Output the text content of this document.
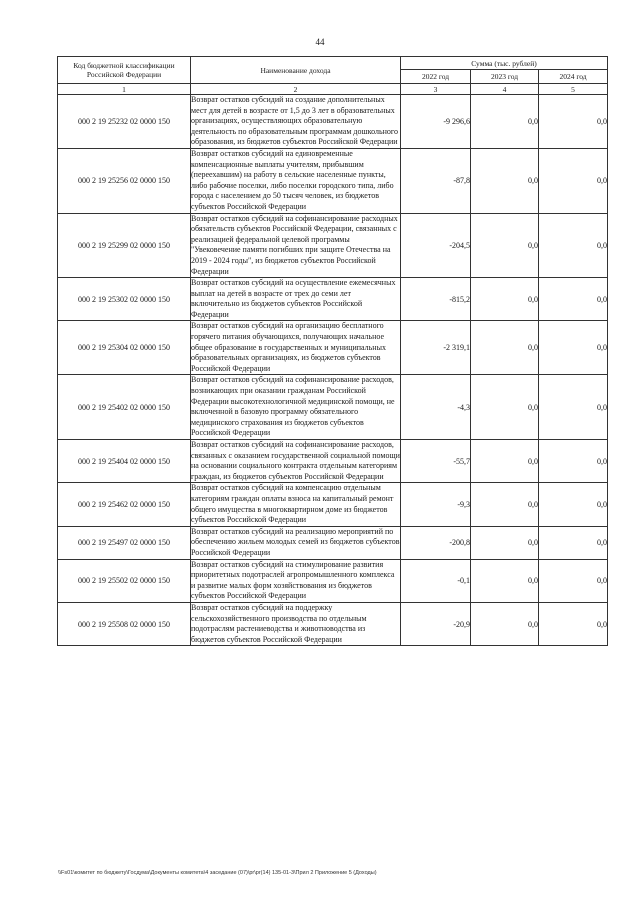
44
Код бюджетной классификации Российской Федерации	Наименование дохода	Сумма (тыс. рублей)		
		2022 год	2023 год	2024 год
1	2	3	4	5
000 2 19 25232 02 0000 150	Возврат остатков субсидий на создание дополнительных мест для детей в возрасте от 1,5 до 3 лет в образовательных организациях, осуществляющих образовательную деятельность по образовательным программам дошкольного образования, из бюджетов субъектов Российской Федерации	-9 296,6	0,0	0,0
000 2 19 25256 02 0000 150	Возврат остатков субсидий на единовременные компенсационные выплаты учителям, прибывшим (переехавшим) на работу в сельские населенные пункты, либо рабочие поселки, либо поселки городского типа, либо города с населением до 50 тысяч человек, из бюджетов субъектов Российской Федерации	-87,8	0,0	0,0
000 2 19 25299 02 0000 150	Возврат остатков субсидий на софинансирование расходных обязательств субъектов Российской Федерации, связанных с реализацией федеральной целевой программы "Увековечение памяти погибших при защите Отечества на 2019 - 2024 годы", из бюджетов субъектов Российской Федерации	-204,5	0,0	0,0
000 2 19 25302 02 0000 150	Возврат остатков субсидий на осуществление ежемесячных выплат на детей в возрасте от трех до семи лет включительно из бюджетов субъектов Российской Федерации	-815,2	0,0	0,0
000 2 19 25304 02 0000 150	Возврат остатков субсидий на организацию бесплатного горячего питания обучающихся, получающих начальное общее образование в государственных и муниципальных образовательных организациях, из бюджетов субъектов Российской Федерации	-2 319,1	0,0	0,0
000 2 19 25402 02 0000 150	Возврат остатков субсидий на софинансирование расходов, возникающих при оказании гражданам Российской Федерации высокотехнологичной медицинской помощи, не включенной в базовую программу обязательного медицинского страхования из бюджетов субъектов Российской Федерации	-4,3	0,0	0,0
000 2 19 25404 02 0000 150	Возврат остатков субсидий на софинансирование расходов, связанных с оказанием государственной социальной помощи на основании социального контракта отдельным категориям граждан, из бюджетов субъектов Российской Федерации	-55,7	0,0	0,0
000 2 19 25462 02 0000 150	Возврат остатков субсидий на компенсацию отдельным категориям граждан оплаты взноса на капитальный ремонт общего имущества в многоквартирном доме из бюджетов субъектов Российской Федерации	-9,3	0,0	0,0
000 2 19 25497 02 0000 150	Возврат остатков субсидий на реализацию мероприятий по обеспечению жильем молодых семей из бюджетов субъектов Российской Федерации	-200,8	0,0	0,0
000 2 19 25502 02 0000 150	Возврат остатков субсидий на стимулирование развития приоритетных подотраслей агропромышленного комплекса и развитие малых форм хозяйствования из бюджетов субъектов Российской Федерации	-0,1	0,0	0,0
000 2 19 25508 02 0000 150	Возврат остатков субсидий на поддержку сельскохозяйственного производства по отдельным подотраслям растениеводства и животноводства из бюджетов субъектов Российской Федерации	-20,9	0,0	0,0
\\Fs01\комитет по бюджету\Госдума\Документы комитета\4 заседание (07)\pr\pr(14) 135-01-3\Прил 2 Приложение 5 (Доходы)
